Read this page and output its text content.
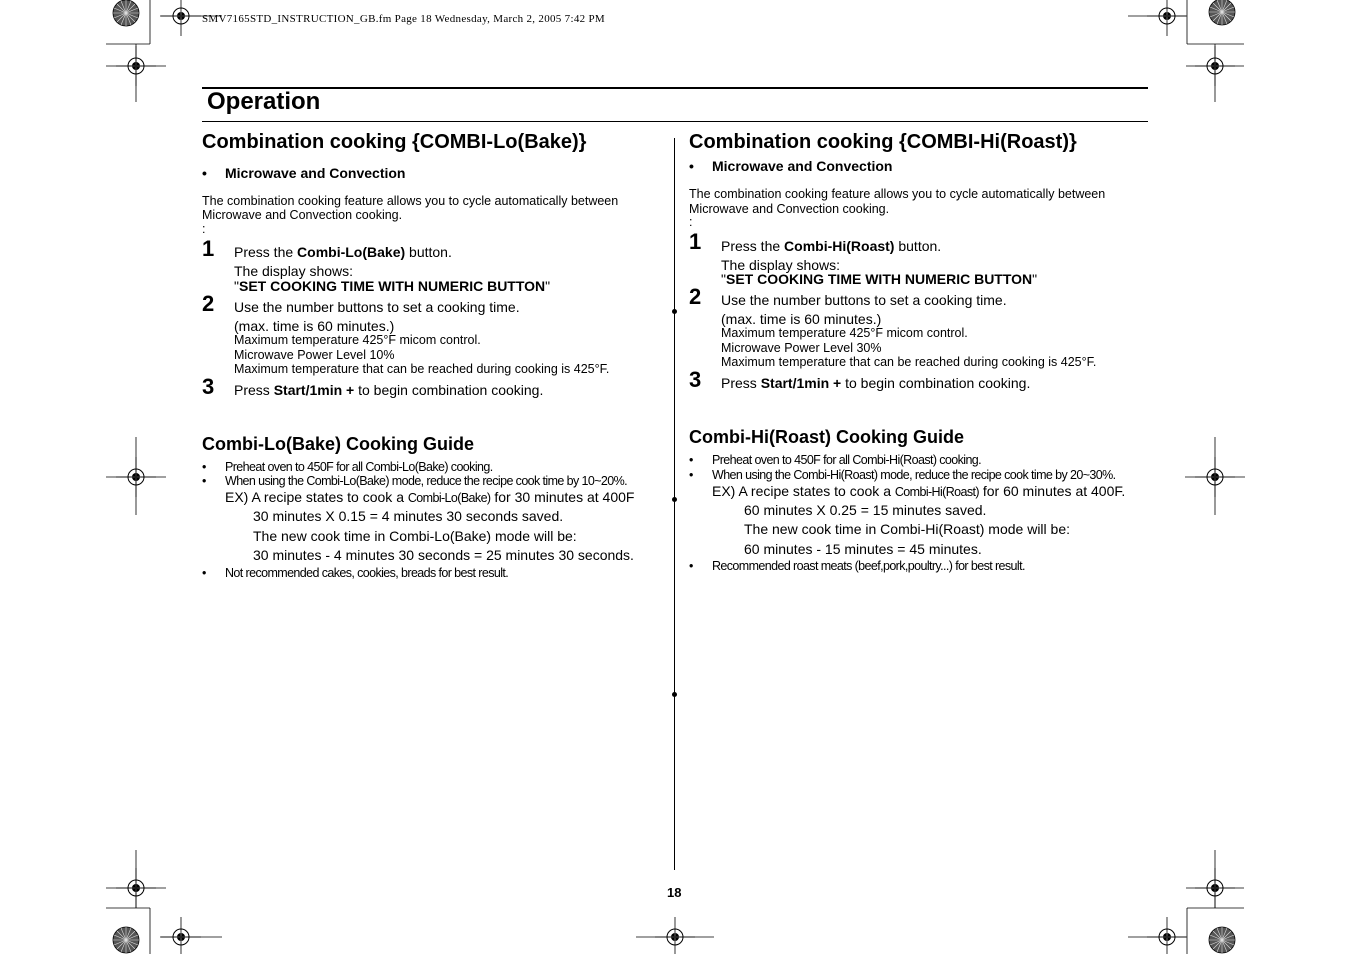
SMV7165STD_INSTRUCTION_GB.fm Page 18 Wednesday, March 2, 2005 7:42 PM
Operation
Combination cooking {COMBI-Lo(Bake)}
• Microwave and Convection
The combination cooking feature allows you to cycle automatically between
Microwave and Convection cooking.
:
1 Press the Combi-Lo(Bake) button.
The display shows:
"SET COOKING TIME WITH NUMERIC BUTTON"
2 Use the number buttons to set a cooking time.
(max. time is 60 minutes.)
Maximum temperature 425°F micom control.
Microwave Power Level 10%
Maximum temperature that can be reached during cooking is 425°F.
3 Press Start/1min + to begin combination cooking.
Combi-Lo(Bake) Cooking Guide
• Preheat oven to 450F for all Combi-Lo(Bake) cooking.
• When using the Combi-Lo(Bake) mode, reduce the recipe cook time by 10~20%.
EX) A recipe states to cook a Combi-Lo(Bake) for 30 minutes at 400F
30 minutes X 0.15 = 4 minutes 30 seconds saved.
The new cook time in Combi-Lo(Bake) mode will be:
30 minutes - 4 minutes 30 seconds = 25 minutes 30 seconds.
• Not recommended cakes, cookies, breads for best result.
Combination cooking {COMBI-Hi(Roast)}
• Microwave and Convection
The combination cooking feature allows you to cycle automatically between
Microwave and Convection cooking.
:
1 Press the Combi-Hi(Roast) button.
The display shows:
"SET COOKING TIME WITH NUMERIC BUTTON"
2 Use the number buttons to set a cooking time.
(max. time is 60 minutes.)
Maximum temperature 425°F micom control.
Microwave Power Level 30%
Maximum temperature that can be reached during cooking is 425°F.
3 Press Start/1min + to begin combination cooking.
Combi-Hi(Roast) Cooking Guide
• Preheat oven to 450F for all Combi-Hi(Roast) cooking.
• When using the Combi-Hi(Roast) mode, reduce the recipe cook time by 20~30%.
EX) A recipe states to cook a Combi-Hi(Roast) for 60 minutes at 400F.
60 minutes X 0.25 = 15 minutes saved.
The new cook time in Combi-Hi(Roast) mode will be:
60 minutes - 15 minutes = 45 minutes.
• Recommended roast meats (beef,pork,poultry...) for best result.
18
